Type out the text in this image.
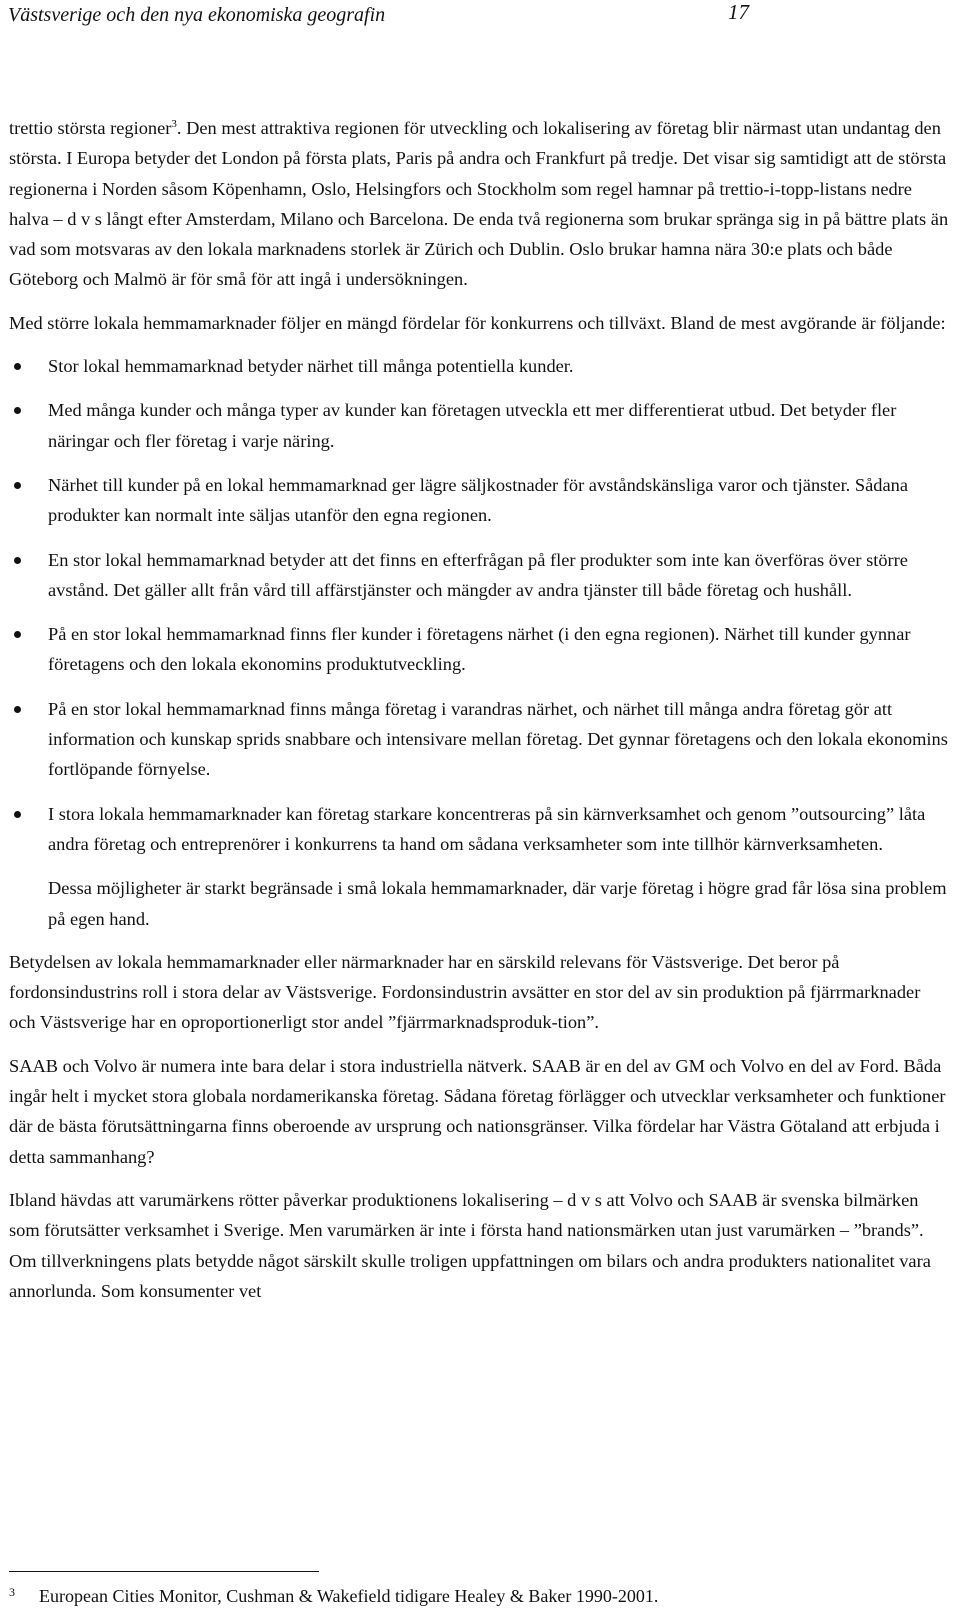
Västsverige och den nya ekonomiska geografin	17

trettio största regioner$^3$. Den mest attraktiva regionen för utveckling och lokalisering av företag blir närmast utan undantag den största. I Europa betyder det London på första plats, Paris på andra och Frankfurt på tredje. Det visar sig samtidigt att de största regionerna i Norden såsom Köpenhamn, Oslo, Helsingfors och Stockholm som regel hamnar på trettio-i-topp-listans nedre halva – d v s långt efter Amsterdam, Milano och Barcelona. De enda två regionerna som brukar spränga sig in på bättre plats än vad som motsvaras av den lokala marknadens storlek är Zürich och Dublin. Oslo brukar hamna nära 30:e plats och både Göteborg och Malmö är för små för att ingå i undersökningen.

Med större lokala hemmamarknader följer en mängd fördelar för konkurrens och tillväxt. Bland de mest avgörande är följande:

Stor lokal hemmamarknad betyder närhet till många potentiella kunder.
Med många kunder och många typer av kunder kan företagen utveckla ett mer differentierat utbud. Det betyder fler näringar och fler företag i varje näring.
Närhet till kunder på en lokal hemmamarknad ger lägre säljkostnader för avståndskänsliga varor och tjänster. Sådana produkter kan normalt inte säljas utanför den egna regionen.
En stor lokal hemmamarknad betyder att det finns en efterfrågan på fler produkter som inte kan överföras över större avstånd. Det gäller allt från vård till affärstjänster och mängder av andra tjänster till både företag och hushåll.
På en stor lokal hemmamarknad finns fler kunder i företagens närhet (i den egna regionen). Närhet till kunder gynnar företagens och den lokala ekonomins produktutveckling.
På en stor lokal hemmamarknad finns många företag i varandras närhet, och närhet till många andra företag gör att information och kunskap sprids snabbare och intensivare mellan företag. Det gynnar företagens och den lokala ekonomins fortlöpande förnyelse.
I stora lokala hemmamarknader kan företag starkare koncentreras på sin kärnverksamhet och genom ”outsourcing” låta andra företag och entreprenörer i konkurrens ta hand om sådana verksamheter som inte tillhör kärnverksamheten.

Dessa möjligheter är starkt begränsade i små lokala hemmamarknader, där varje företag i högre grad får lösa sina problem på egen hand.

Betydelsen av lokala hemmamarknader eller närmarknader har en särskild relevans för Västsverige. Det beror på fordonsindustrins roll i stora delar av Västsverige. Fordonsindustrin avsätter en stor del av sin produktion på fjärrmarknader och Västsverige har en oproportionerligt stor andel ”fjärrmarknadsproduk-tion”.

SAAB och Volvo är numera inte bara delar i stora industriella nätverk. SAAB är en del av GM och Volvo en del av Ford. Båda ingår helt i mycket stora globala nordamerikanska företag. Sådana företag förlägger och utvecklar verksamheter och funktioner där de bästa förutsättningarna finns oberoende av ursprung och nationsgränser. Vilka fördelar har Västra Götaland att erbjuda i detta sammanhang?

Ibland hävdas att varumärkens rötter påverkar produktionens lokalisering – d v s att Volvo och SAAB är svenska bilmärken som förutsätter verksamhet i Sverige. Men varumärken är inte i första hand nationsmärken utan just varumärken – ”brands”. Om tillverkningens plats betydde något särskilt skulle troligen uppfattningen om bilars och andra produkters nationalitet vara annorlunda. Som konsumenter vet

3 European Cities Monitor, Cushman & Wakefield tidigare Healey & Baker 1990-2001.
